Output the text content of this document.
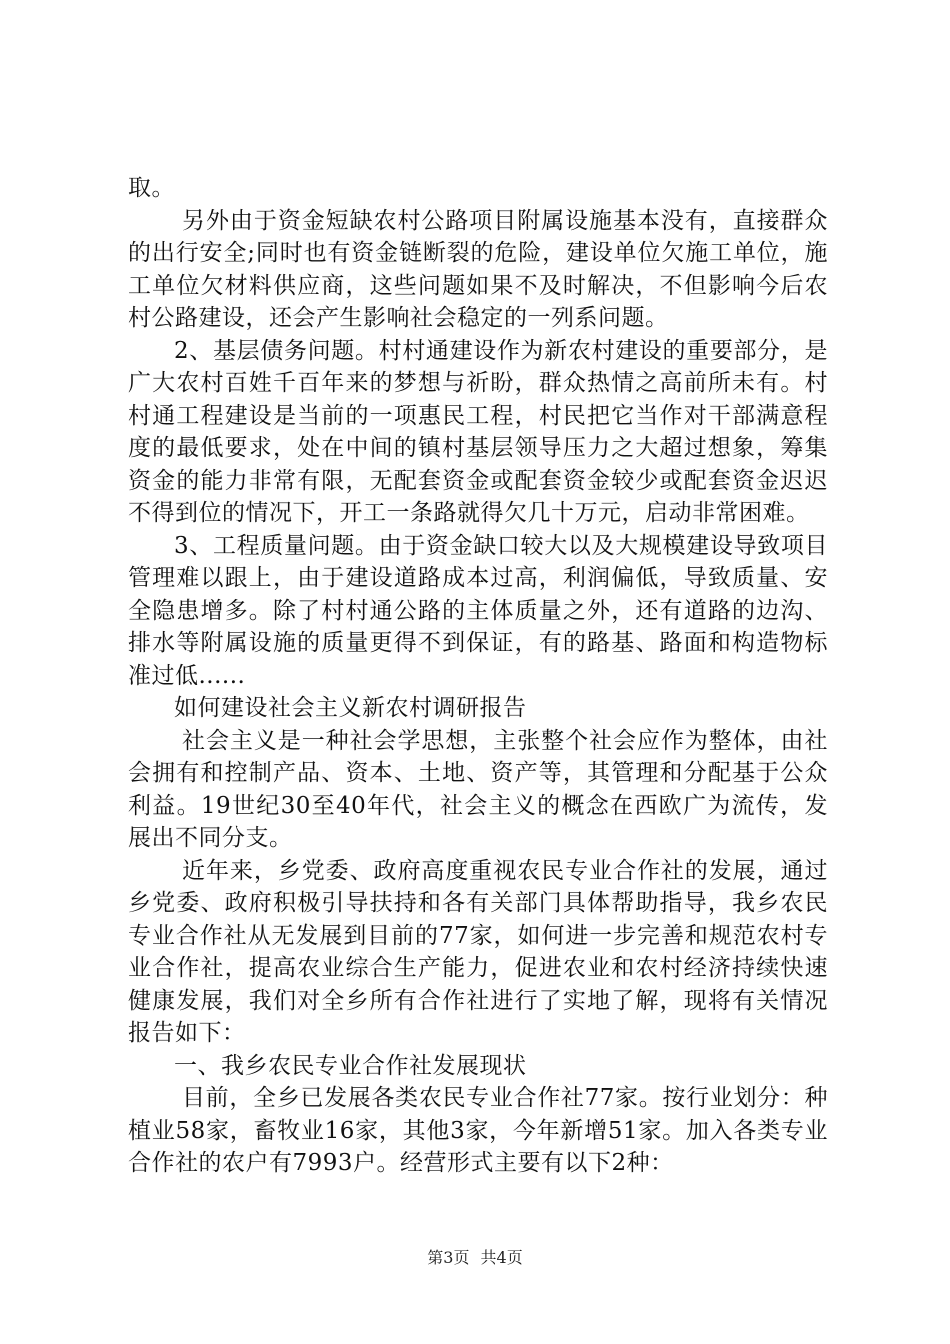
取。

另外由于资金短缺农村公路项目附属设施基本没有，直接群众的出行安全;同时也有资金链断裂的危险，建设单位欠施工单位，施工单位欠材料供应商，这些问题如果不及时解决，不但影响今后农村公路建设，还会产生影响社会稳定的一列系问题。

2、基层债务问题。村村通建设作为新农村建设的重要部分，是广大农村百姓千百年来的梦想与祈盼，群众热情之高前所未有。村村通工程建设是当前的一项惠民工程，村民把它当作对干部满意程度的最低要求，处在中间的镇村基层领导压力之大超过想象，筹集资金的能力非常有限，无配套资金或配套资金较少或配套资金迟迟不得到位的情况下，开工一条路就得欠几十万元，启动非常困难。

3、工程质量问题。由于资金缺口较大以及大规模建设导致项目管理难以跟上，由于建设道路成本过高，利润偏低，导致质量、安全隐患增多。除了村村通公路的主体质量之外，还有道路的边沟、排水等附属设施的质量更得不到保证，有的路基、路面和构造物标准过低......

如何建设社会主义新农村调研报告

社会主义是一种社会学思想，主张整个社会应作为整体，由社会拥有和控制产品、资本、土地、资产等，其管理和分配基于公众利益。19世纪30至40年代，社会主义的概念在西欧广为流传，发展出不同分支。

近年来，乡党委、政府高度重视农民专业合作社的发展，通过乡党委、政府积极引导扶持和各有关部门具体帮助指导，我乡农民专业合作社从无发展到目前的77家，如何进一步完善和规范农村专业合作社，提高农业综合生产能力，促进农业和农村经济持续快速健康发展，我们对全乡所有合作社进行了实地了解，现将有关情况报告如下：

一、我乡农民专业合作社发展现状

目前，全乡已发展各类农民专业合作社77家。按行业划分：种植业58家，畜牧业16家，其他3家，今年新增51家。加入各类专业合作社的农户有7993户。经营形式主要有以下2种：

第3页 共4页
